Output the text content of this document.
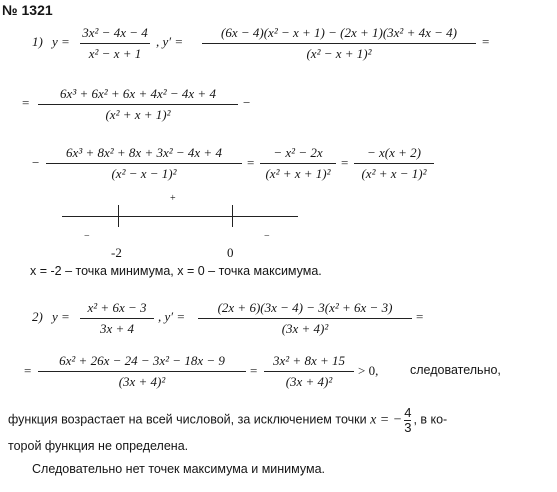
№ 1321
1) y =
3x² − 4x − 4
x² − x + 1
, y′ =
(6x − 4)(x² − x + 1) − (2x + 1)(3x² + 4x − 4)
(x² − x + 1)²
=
=
6x³ + 6x² + 6x + 4x² − 4x + 4
(x² + x + 1)²
−
−
6x³ + 8x² + 8x + 3x² − 4x + 4
(x² − x − 1)²
=
− x² − 2x
(x² + x + 1)²
=
− x(x + 2)
(x² + x − 1)²
−
+
−
-2	0
x = -2 – точка минимума, x = 0 – точка максимума.
2) y =
x² + 6x − 3
3x + 4
, y′ =
(2x + 6)(3x − 4) − 3(x² + 6x − 3)
(3x + 4)²
=
=
6x² + 26x − 24 − 3x² − 18x − 9
(3x + 4)²
=
3x² + 8x + 15
(3x + 4)²
> 0,	следовательно,
функция возрастает на всей числовой, за исключением точки x = − $\frac{4}{3}$ , в ко-
торой функция не определена.
Следовательно нет точек максимума и минимума.
